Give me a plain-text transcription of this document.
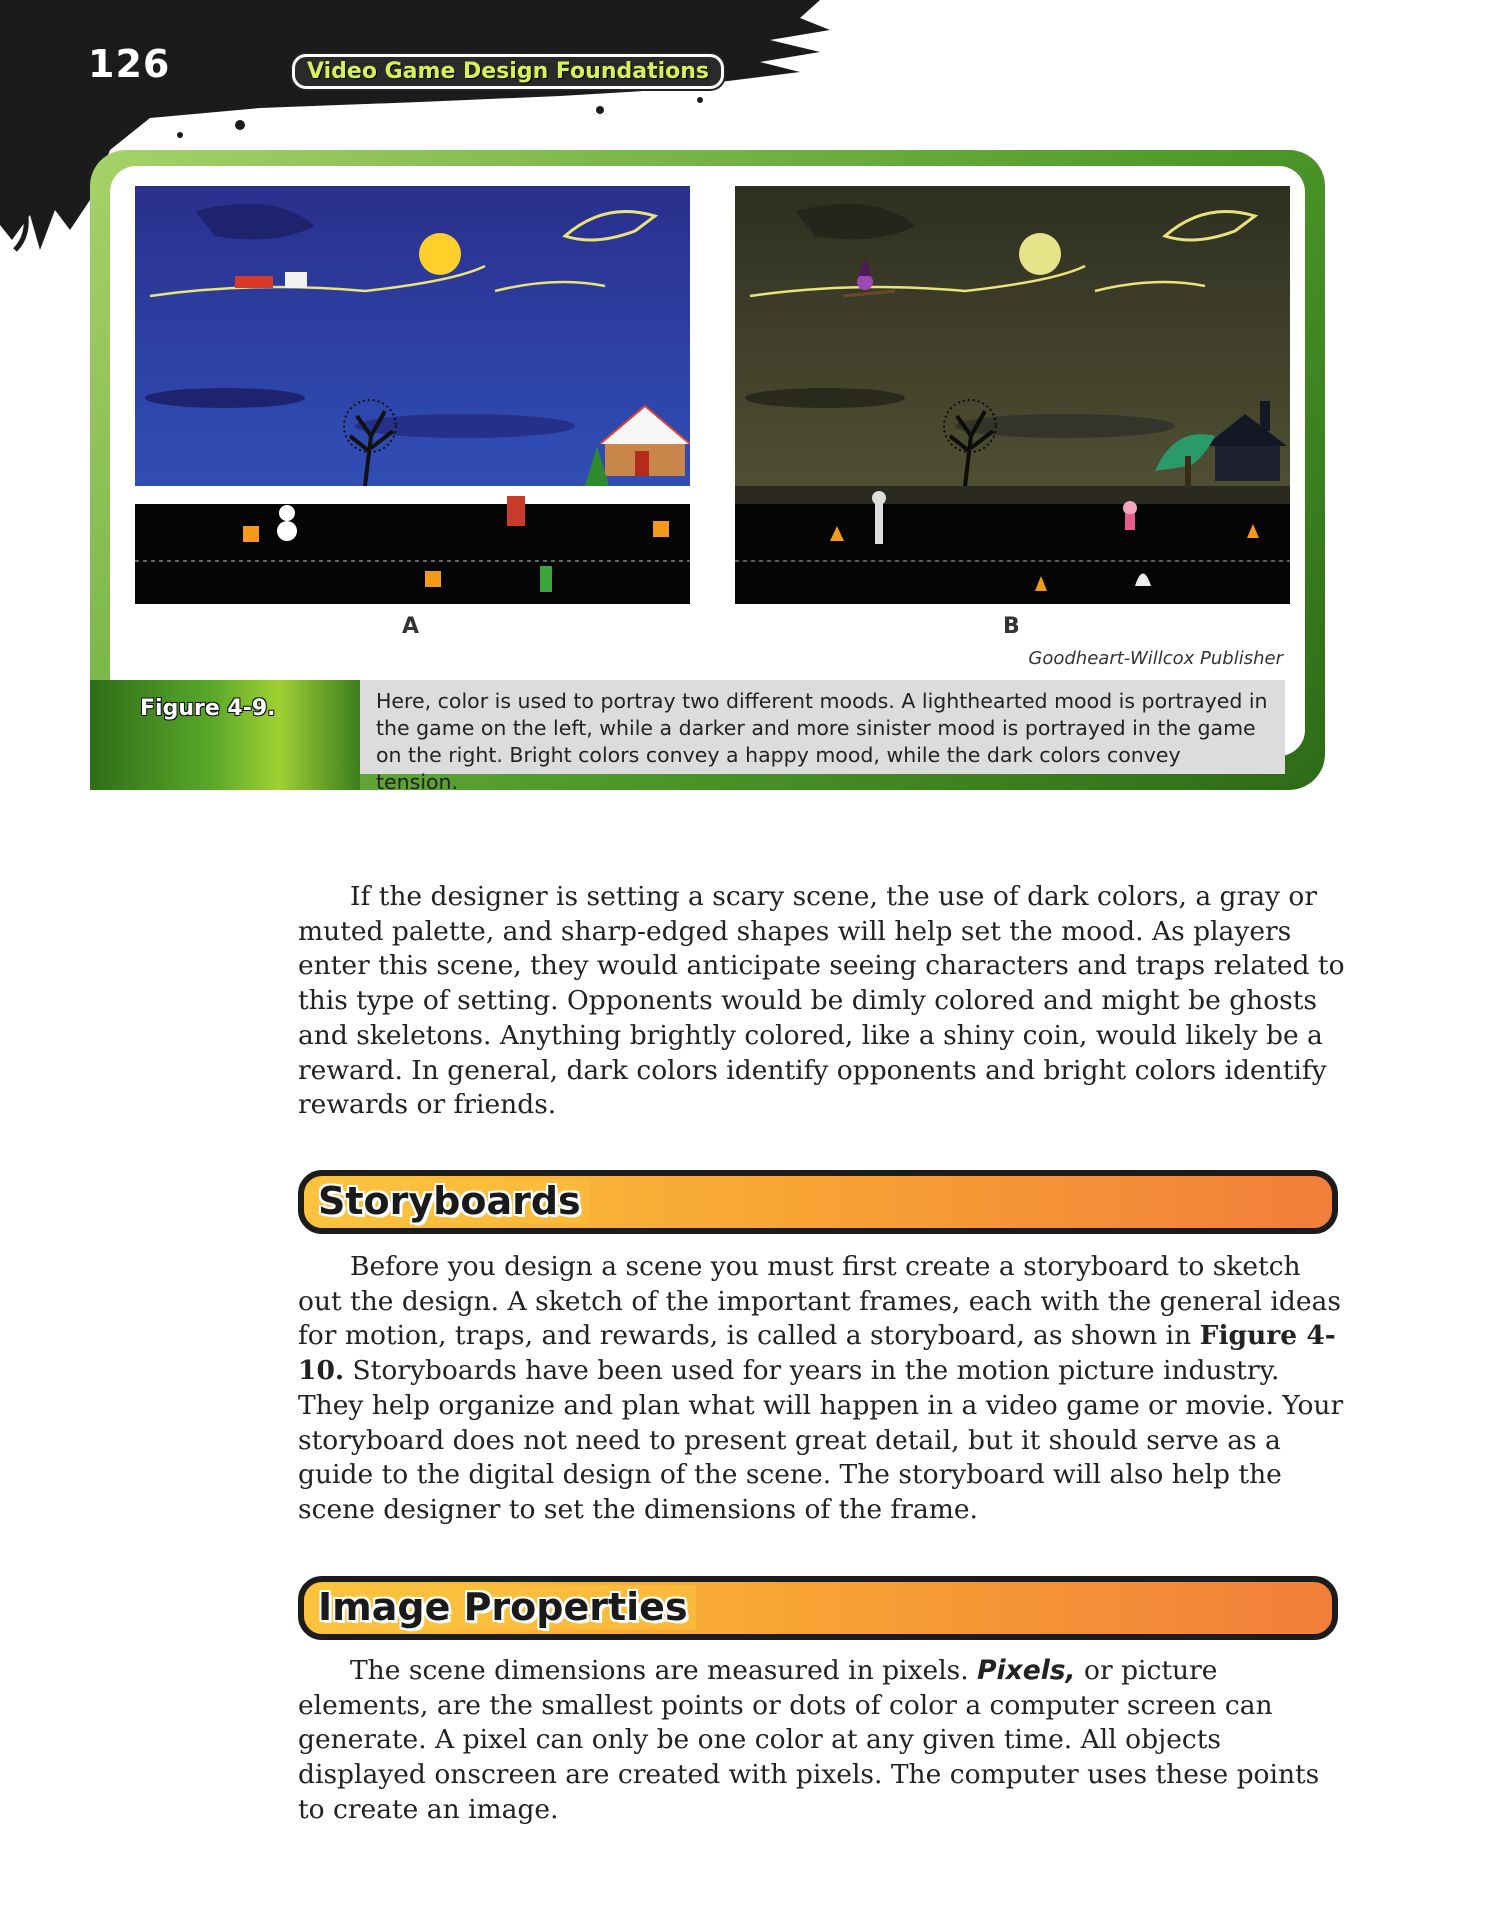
126	Video Game Design Foundations
A	B
Goodheart-Willcox Publisher
Figure 4-9.	Here, color is used to portray two different moods. A lighthearted mood is portrayed in the game on the left, while a darker and more sinister mood is portrayed in the game on the right. Bright colors convey a happy mood, while the dark colors convey tension.

If the designer is setting a scary scene, the use of dark colors, a gray or muted palette, and sharp-edged shapes will help set the mood. As players enter this scene, they would anticipate seeing characters and traps related to this type of setting. Opponents would be dimly colored and might be ghosts and skeletons. Anything brightly colored, like a shiny coin, would likely be a reward. In general, dark colors identify opponents and bright colors identify rewards or friends.

Storyboards

Before you design a scene you must first create a storyboard to sketch out the design. A sketch of the important frames, each with the general ideas for motion, traps, and rewards, is called a storyboard, as shown in Figure 4-10. Storyboards have been used for years in the motion picture industry. They help organize and plan what will happen in a video game or movie. Your storyboard does not need to present great detail, but it should serve as a guide to the digital design of the scene. The storyboard will also help the scene designer to set the dimensions of the frame.

Image Properties

The scene dimensions are measured in pixels. Pixels, or picture elements, are the smallest points or dots of color a computer screen can generate. A pixel can only be one color at any given time. All objects displayed onscreen are created with pixels. The computer uses these points to create an image.
